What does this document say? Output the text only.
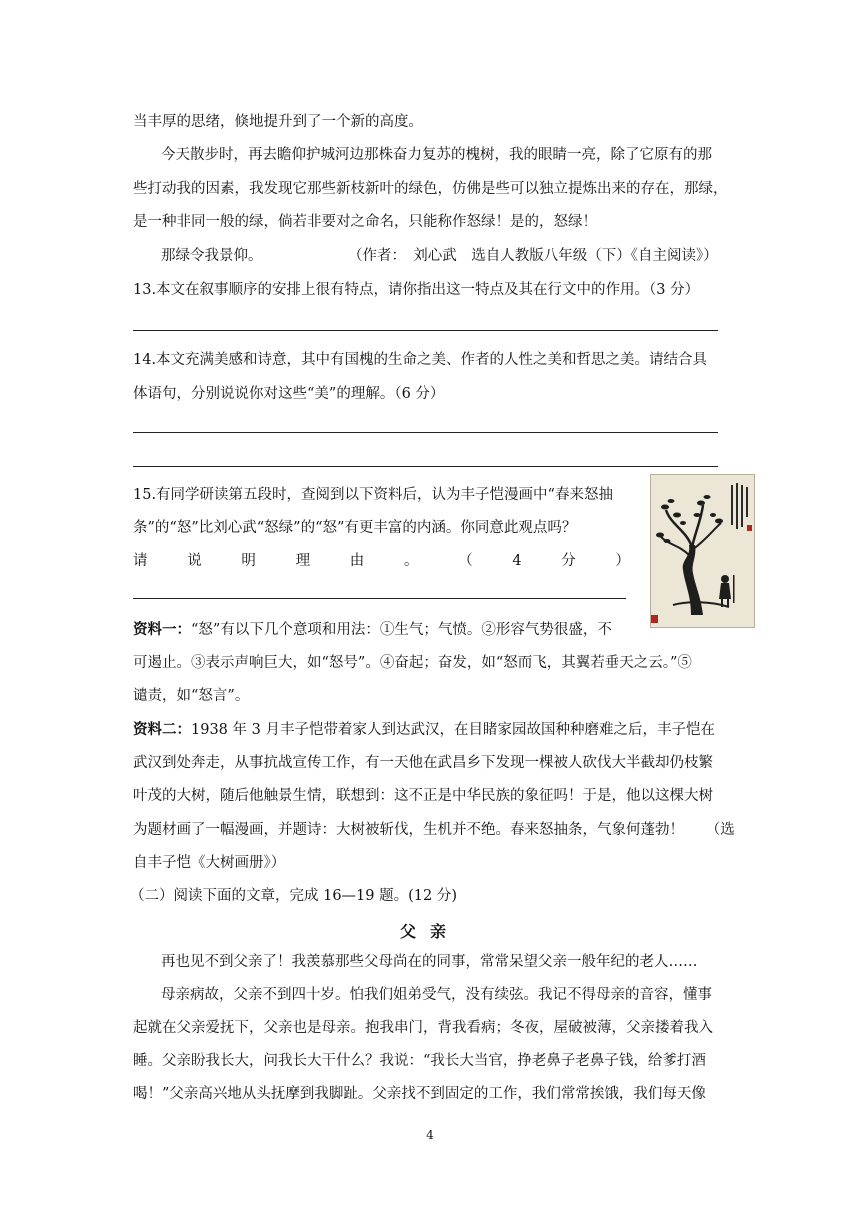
当丰厚的思绪，倏地提升到了一个新的高度。
今天散步时，再去瞻仰护城河边那株奋力复苏的槐树，我的眼睛一亮，除了它原有的那
些打动我的因素，我发现它那些新枝新叶的绿色，仿佛是些可以独立提炼出来的存在，那绿，
是一种非同一般的绿，倘若非要对之命名，只能称作怒绿！是的，怒绿！
那绿令我景仰。	（作者：　刘心武　选自人教版八年级（下）《自主阅读》）
13.本文在叙事顺序的安排上很有特点，请你指出这一特点及其在行文中的作用。（3 分）
14.本文充满美感和诗意，其中有国槐的生命之美、作者的人性之美和哲思之美。请结合具
体语句，分别说说你对这些“美”的理解。（6 分）
15.有同学研读第五段时，查阅到以下资料后，认为丰子恺漫画中“春来怒抽
条”的“怒”比刘心武“怒绿”的“怒”有更丰富的内涵。你同意此观点吗？
请	说	明	理	由	。	（	4	分	）
资料一：“怒”有以下几个意项和用法：①生气；气愤。②形容气势很盛，不
可遏止。③表示声响巨大，如“怒号”。④奋起；奋发，如“怒而飞，其翼若垂天之云。”⑤
谴责，如“怒言”。
资料二：1938 年 3 月丰子恺带着家人到达武汉，在目睹家园故国种种磨难之后，丰子恺在
武汉到处奔走，从事抗战宣传工作，有一天他在武昌乡下发现一棵被人砍伐大半截却仍枝繁
叶茂的大树，随后他触景生情，联想到：这不正是中华民族的象征吗！于是，他以这棵大树
为题材画了一幅漫画，并题诗：大树被斩伐，生机并不绝。春来怒抽条，气象何蓬勃！　　（选
自丰子恺《大树画册》）
（二）阅读下面的文章，完成 16—19 题。(12 分)
父亲
再也见不到父亲了！我羡慕那些父母尚在的同事，常常呆望父亲一般年纪的老人……
母亲病故，父亲不到四十岁。怕我们姐弟受气，没有续弦。我记不得母亲的音容，懂事
起就在父亲爱抚下，父亲也是母亲。抱我串门，背我看病；冬夜，屋破被薄，父亲搂着我入
睡。父亲盼我长大，问我长大干什么？我说：“我长大当官，挣老鼻子老鼻子钱，给爹打酒
喝！”父亲高兴地从头抚摩到我脚趾。父亲找不到固定的工作，我们常常挨饿，我们每天像
4
